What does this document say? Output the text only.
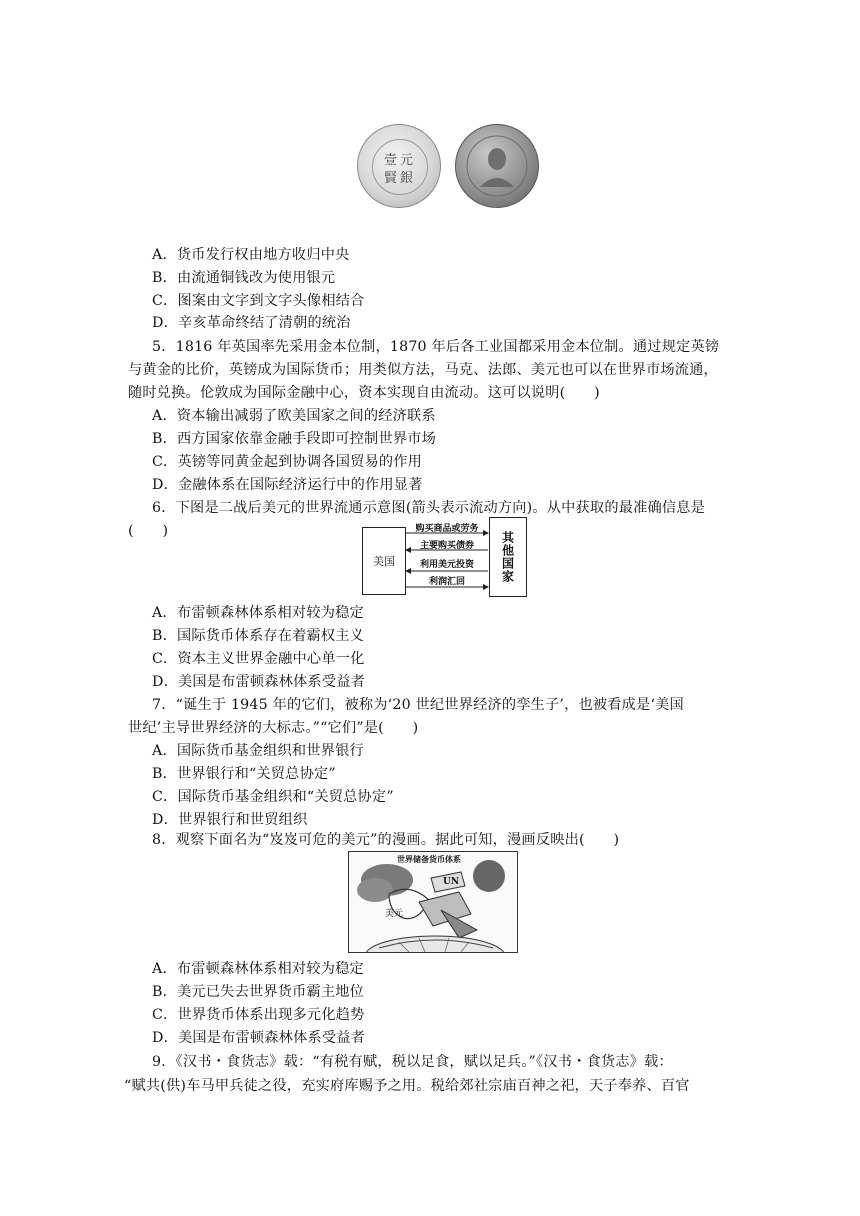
壹 元
賢 銀
A．货币发行权由地方收归中央
B．由流通铜钱改为使用银元
C．图案由文字到文字头像相结合
D．辛亥革命终结了清朝的统治
5．1816 年英国率先采用金本位制，1870 年后各工业国都采用金本位制。通过规定英镑
与黄金的比价，英镑成为国际货币；用类似方法，马克、法郎、美元也可以在世界市场流通，
随时兑换。伦敦成为国际金融中心，资本实现自由流动。这可以说明(　　)
A．资本输出减弱了欧美国家之间的经济联系
B．西方国家依靠金融手段即可控制世界市场
C．英镑等同黄金起到协调各国贸易的作用
D．金融体系在国际经济运行中的作用显著
6．下图是二战后美元的世界流通示意图(箭头表示流动方向)。从中获取的最准确信息是
(　　)
美国	其他国家
购买商品或劳务
主要购买债券
利用美元投资
利润汇回
A．布雷顿森林体系相对较为稳定
B．国际货币体系存在着霸权主义
C．资本主义世界金融中心单一化
D．美国是布雷顿森林体系受益者
7．“诞生于 1945 年的它们，被称为‘20 世纪世界经济的孪生子’，也被看成是‘美国
世纪’主导世界经济的大标志。”“它们”是(　　)
A．国际货币基金组织和世界银行
B．世界银行和“关贸总协定”
C．国际货币基金组织和“关贸总协定”
D．世界银行和世贸组织
8．观察下面名为“岌岌可危的美元”的漫画。据此可知，漫画反映出(　　)
世界储备货币体系
UN
美元
A．布雷顿森林体系相对较为稳定
B．美元已失去世界货币霸主地位
C．世界货币体系出现多元化趋势
D．美国是布雷顿森林体系受益者
9．《汉书・食货志》载：“有税有赋，税以足食，赋以足兵。”《汉书・食货志》载：
“赋共(供)车马甲兵徒之役，充实府库赐予之用。税给郊社宗庙百神之祀，天子奉养、百官
